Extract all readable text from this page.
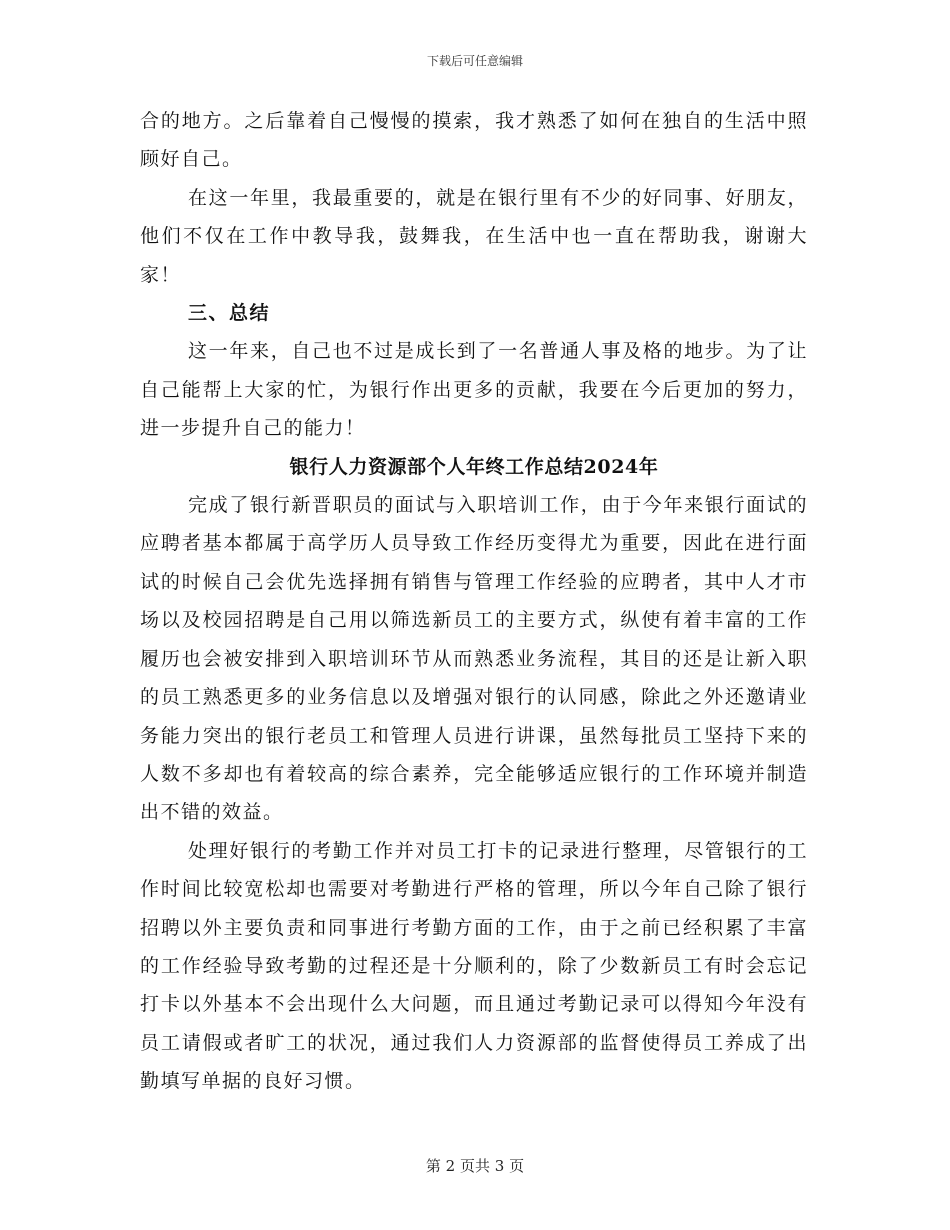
下载后可任意编辑

合的地方。之后靠着自己慢慢的摸索，我才熟悉了如何在独自的生活中照顾好自己。

在这一年里，我最重要的，就是在银行里有不少的好同事、好朋友，他们不仅在工作中教导我，鼓舞我，在生活中也一直在帮助我，谢谢大家！

三、总结

这一年来，自己也不过是成长到了一名普通人事及格的地步。为了让自己能帮上大家的忙，为银行作出更多的贡献，我要在今后更加的努力，进一步提升自己的能力！

银行人力资源部个人年终工作总结2024年

完成了银行新晋职员的面试与入职培训工作，由于今年来银行面试的应聘者基本都属于高学历人员导致工作经历变得尤为重要，因此在进行面试的时候自己会优先选择拥有销售与管理工作经验的应聘者，其中人才市场以及校园招聘是自己用以筛选新员工的主要方式，纵使有着丰富的工作履历也会被安排到入职培训环节从而熟悉业务流程，其目的还是让新入职的员工熟悉更多的业务信息以及增强对银行的认同感，除此之外还邀请业务能力突出的银行老员工和管理人员进行讲课，虽然每批员工坚持下来的人数不多却也有着较高的综合素养，完全能够适应银行的工作环境并制造出不错的效益。

处理好银行的考勤工作并对员工打卡的记录进行整理，尽管银行的工作时间比较宽松却也需要对考勤进行严格的管理，所以今年自己除了银行招聘以外主要负责和同事进行考勤方面的工作，由于之前已经积累了丰富的工作经验导致考勤的过程还是十分顺利的，除了少数新员工有时会忘记打卡以外基本不会出现什么大问题，而且通过考勤记录可以得知今年没有员工请假或者旷工的状况，通过我们人力资源部的监督使得员工养成了出勤填写单据的良好习惯。

第 2 页共 3 页
